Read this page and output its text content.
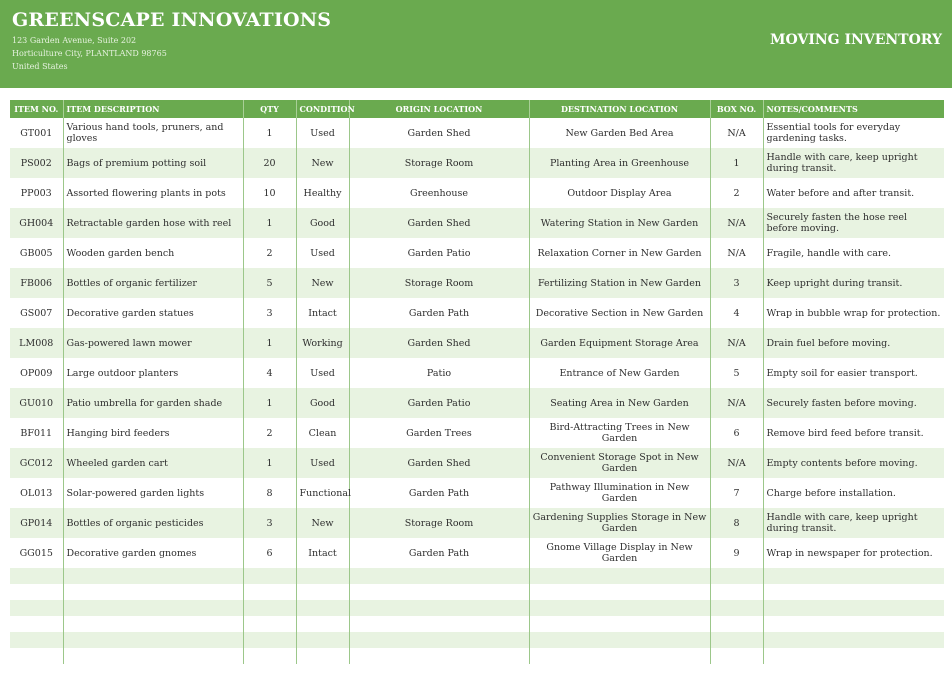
GREENSCAPE INNOVATIONS
123 Garden Avenue, Suite 202
Horticulture City, PLANTLAND 98765
United States
MOVING INVENTORY
ITEM NO.	ITEM DESCRIPTION	QTY	CONDITION	ORIGIN LOCATION	DESTINATION LOCATION	BOX NO.	NOTES/COMMENTS
GT001	Various hand tools, pruners, and gloves	1	Used	Garden Shed	New Garden Bed Area	N/A	Essential tools for everyday gardening tasks.
PS002	Bags of premium potting soil	20	New	Storage Room	Planting Area in Greenhouse	1	Handle with care, keep upright during transit.
PP003	Assorted flowering plants in pots	10	Healthy	Greenhouse	Outdoor Display Area	2	Water before and after transit.
GH004	Retractable garden hose with reel	1	Good	Garden Shed	Watering Station in New Garden	N/A	Securely fasten the hose reel before moving.
GB005	Wooden garden bench	2	Used	Garden Patio	Relaxation Corner in New Garden	N/A	Fragile, handle with care.
FB006	Bottles of organic fertilizer	5	New	Storage Room	Fertilizing Station in New Garden	3	Keep upright during transit.
GS007	Decorative garden statues	3	Intact	Garden Path	Decorative Section in New Garden	4	Wrap in bubble wrap for protection.
LM008	Gas-powered lawn mower	1	Working	Garden Shed	Garden Equipment Storage Area	N/A	Drain fuel before moving.
OP009	Large outdoor planters	4	Used	Patio	Entrance of New Garden	5	Empty soil for easier transport.
GU010	Patio umbrella for garden shade	1	Good	Garden Patio	Seating Area in New Garden	N/A	Securely fasten before moving.
BF011	Hanging bird feeders	2	Clean	Garden Trees	Bird-Attracting Trees in New Garden	6	Remove bird feed before transit.
GC012	Wheeled garden cart	1	Used	Garden Shed	Convenient Storage Spot in New Garden	N/A	Empty contents before moving.
OL013	Solar-powered garden lights	8	Functional	Garden Path	Pathway Illumination in New Garden	7	Charge before installation.
GP014	Bottles of organic pesticides	3	New	Storage Room	Gardening Supplies Storage in New Garden	8	Handle with care, keep upright during transit.
GG015	Decorative garden gnomes	6	Intact	Garden Path	Gnome Village Display in New Garden	9	Wrap in newspaper for protection.
